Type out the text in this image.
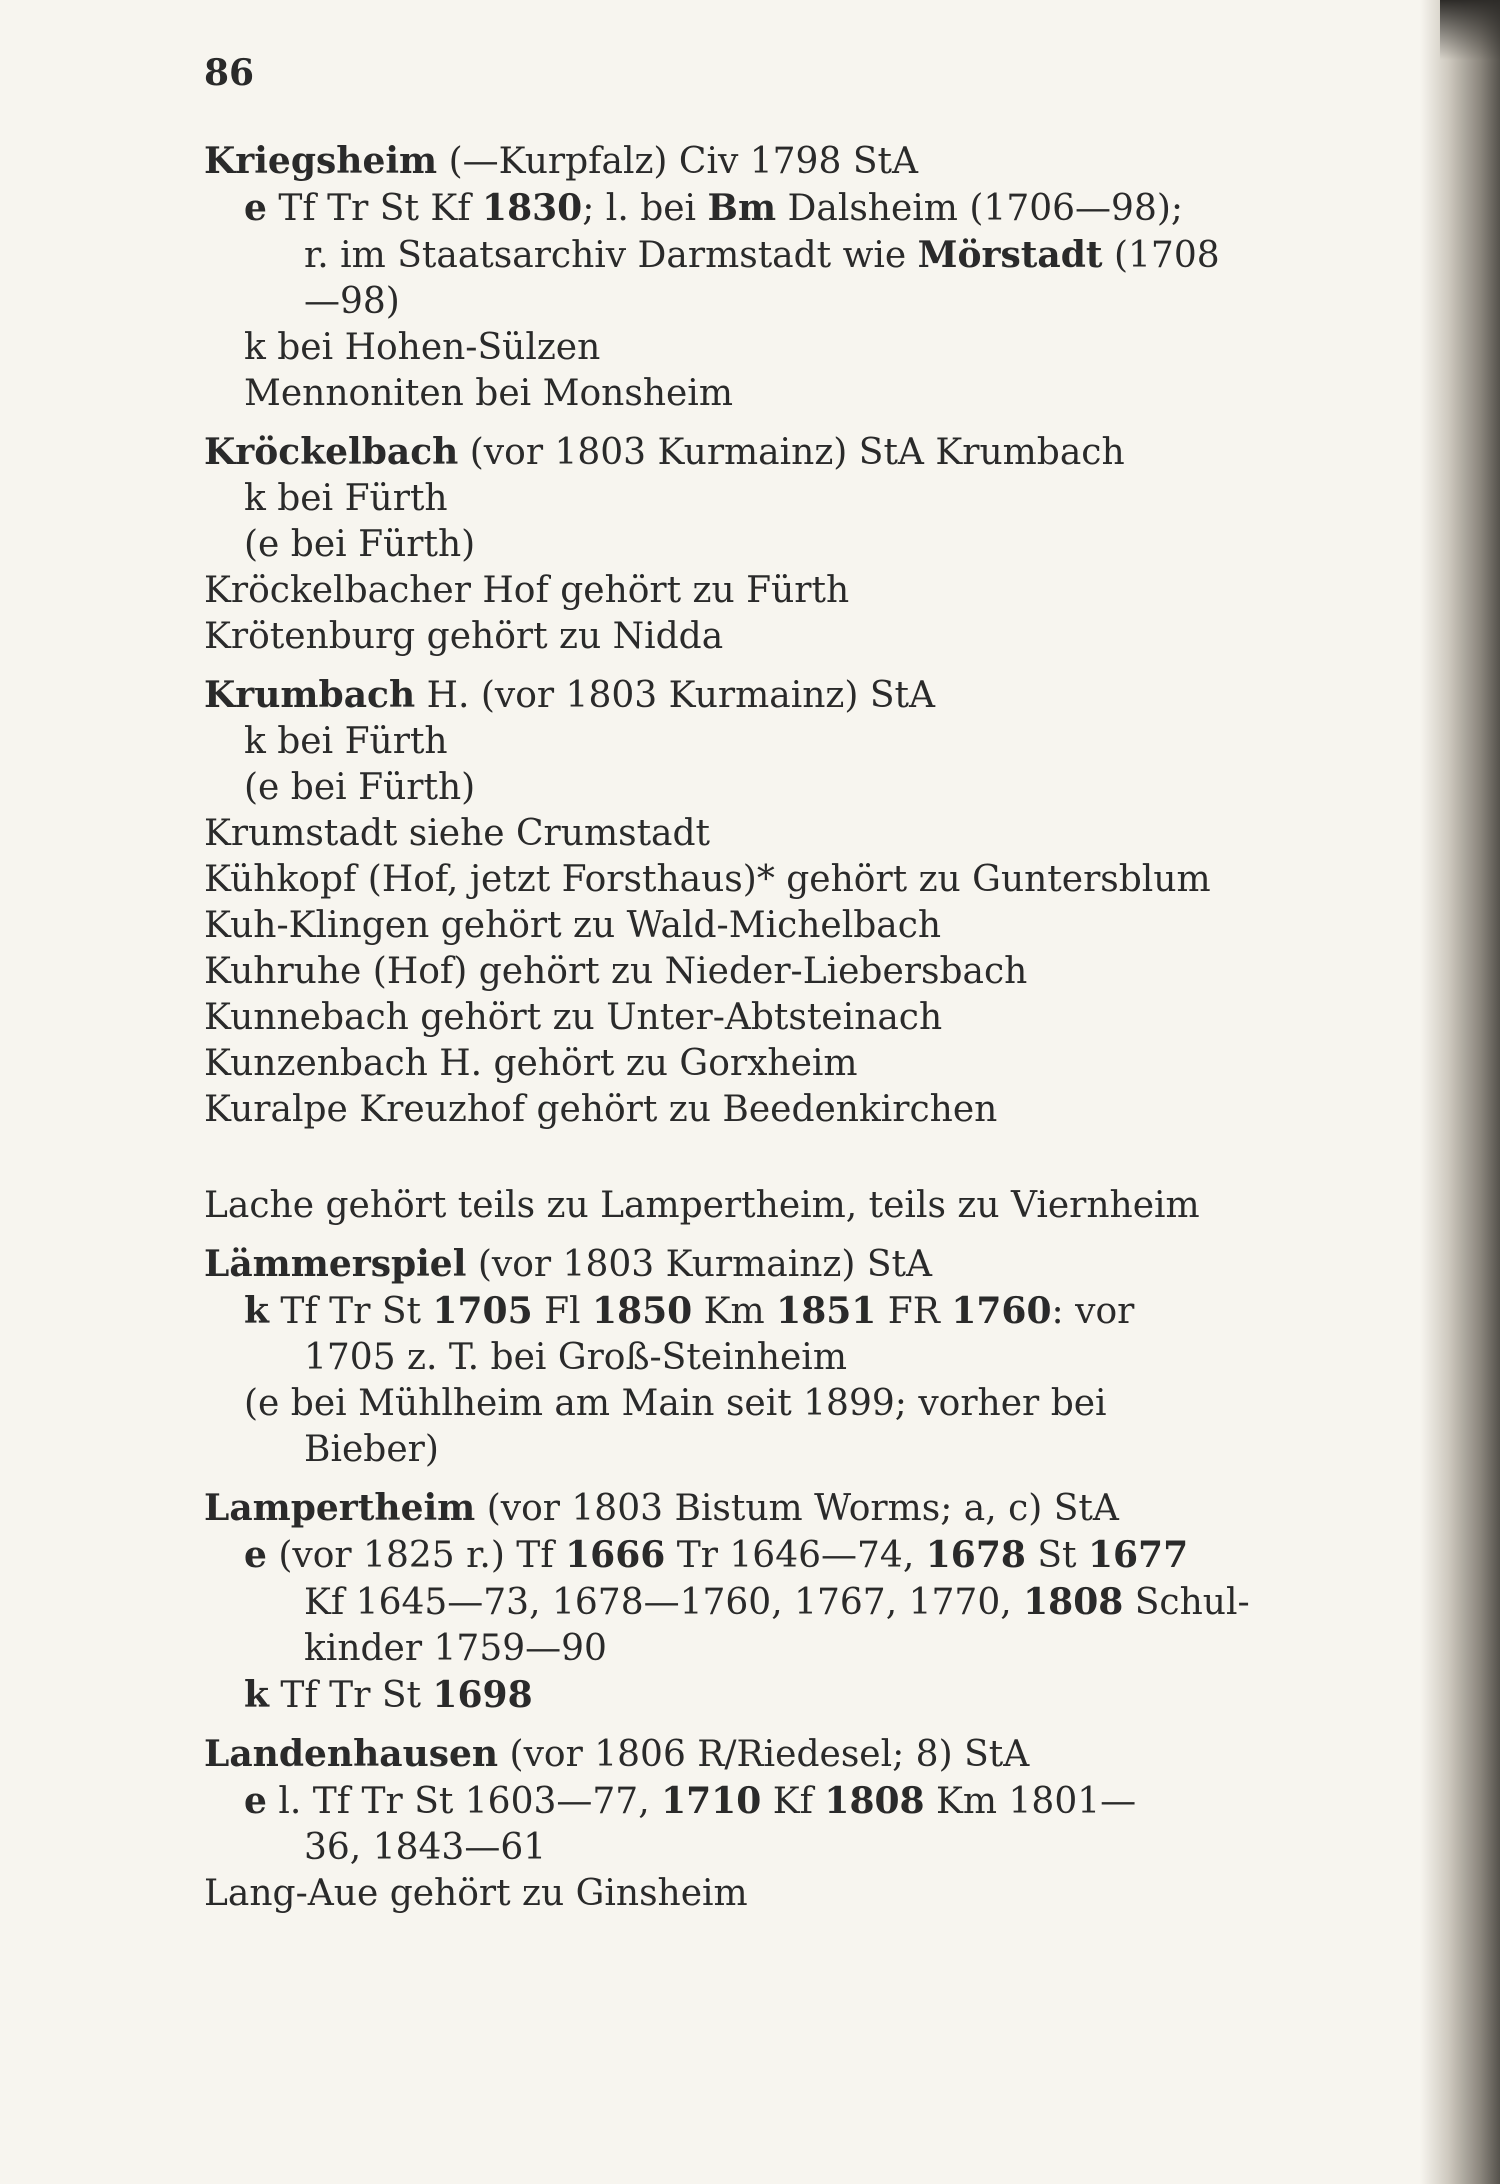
86
Kriegsheim (—Kurpfalz) Civ 1798 StA
e Tf Tr St Kf 1830; l. bei Bm Dalsheim (1706—98);
r. im Staatsarchiv Darmstadt wie Mörstadt (1708
—98)
k bei Hohen-Sülzen
Mennoniten bei Monsheim
Kröckelbach (vor 1803 Kurmainz) StA Krumbach
k bei Fürth
(e bei Fürth)
Kröckelbacher Hof gehört zu Fürth
Krötenburg gehört zu Nidda
Krumbach H. (vor 1803 Kurmainz) StA
k bei Fürth
(e bei Fürth)
Krumstadt siehe Crumstadt
Kühkopf (Hof, jetzt Forsthaus)* gehört zu Guntersblum
Kuh-Klingen gehört zu Wald-Michelbach
Kuhruhe (Hof) gehört zu Nieder-Liebersbach
Kunnebach gehört zu Unter-Abtsteinach
Kunzenbach H. gehört zu Gorxheim
Kuralpe Kreuzhof gehört zu Beedenkirchen
Lache gehört teils zu Lampertheim, teils zu Viernheim
Lämmerspiel (vor 1803 Kurmainz) StA
k Tf Tr St 1705 Fl 1850 Km 1851 FR 1760: vor
1705 z. T. bei Groß-Steinheim
(e bei Mühlheim am Main seit 1899; vorher bei
Bieber)
Lampertheim (vor 1803 Bistum Worms; a, c) StA
e (vor 1825 r.) Tf 1666 Tr 1646—74, 1678 St 1677
Kf 1645—73, 1678—1760, 1767, 1770, 1808 Schul-
kinder 1759—90
k Tf Tr St 1698
Landenhausen (vor 1806 R/Riedesel; 8) StA
e l. Tf Tr St 1603—77, 1710 Kf 1808 Km 1801—
36, 1843—61
Lang-Aue gehört zu Ginsheim
